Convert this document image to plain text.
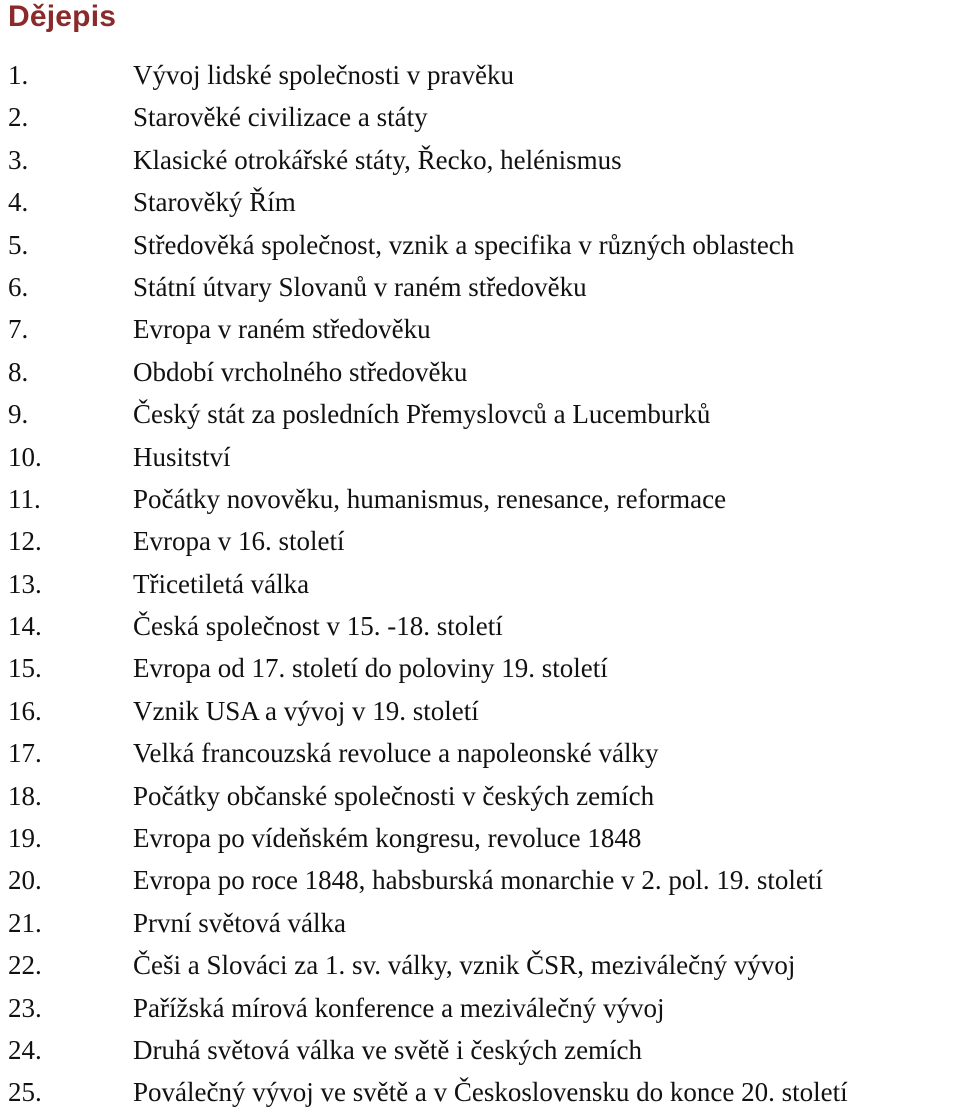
Dějepis
1.	Vývoj lidské společnosti v pravěku
2.	Starověké civilizace a státy
3.	Klasické otrokářské státy, Řecko, helénismus
4.	Starověký Řím
5.	Středověká společnost, vznik a specifika v různých oblastech
6.	Státní útvary Slovanů v raném středověku
7.	Evropa v raném středověku
8.	Období vrcholného středověku
9.	Český stát za posledních Přemyslovců a Lucemburků
10.	Husitství
11.	Počátky novověku, humanismus, renesance, reformace
12.	Evropa v 16. století
13.	Třicetiletá válka
14.	Česká společnost v 15. -18. století
15.	Evropa od 17. století do poloviny 19. století
16.	Vznik USA a vývoj v 19. století
17.	Velká francouzská revoluce a napoleonské války
18.	Počátky občanské společnosti v českých zemích
19.	Evropa po vídeňském kongresu, revoluce 1848
20.	Evropa po roce 1848, habsburská monarchie v 2. pol. 19. století
21.	První světová válka
22.	Češi a Slováci za 1. sv. války, vznik ČSR, meziválečný vývoj
23.	Pařížská mírová konference a meziválečný vývoj
24.	Druhá světová válka ve světě i českých zemích
25.	Poválečný vývoj ve světě a v Československu do konce 20. století
